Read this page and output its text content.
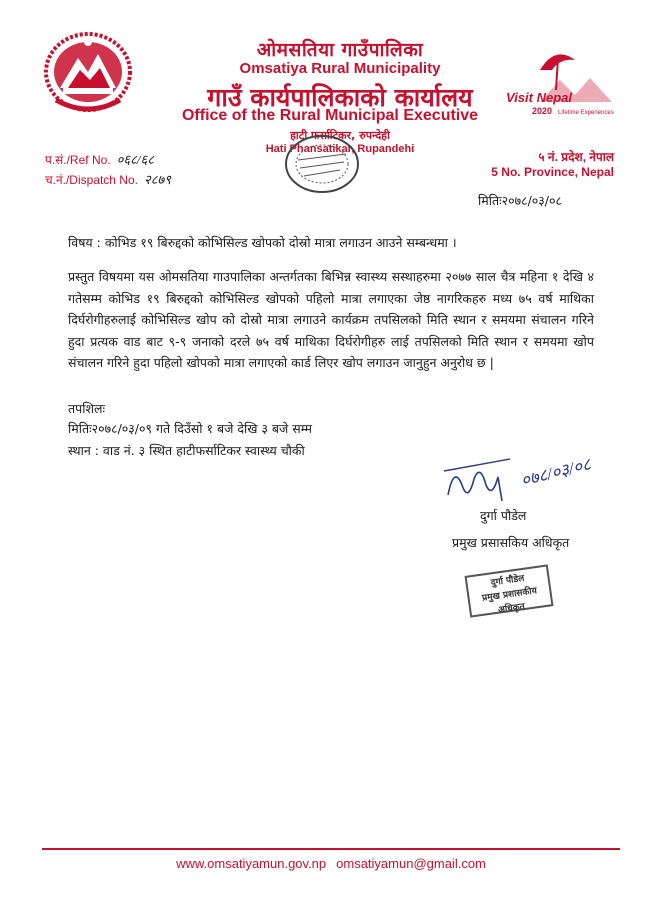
ओमसतिया गाउँपालिका
Omsatiya Rural Municipality
गाउँ कार्यपालिकाको कार्यालय
Office of the Rural Municipal Executive
हाटी फर्साटिकर, रुपन्देही
Hati Phansatikar, Rupandehi
Visit Nepal
2020 Lifetime Experiences
प.सं./Ref No. ०६८/६८
च.नं./Dispatch No. २८७९
५ नं. प्रदेश, नेपाल
5 No. Province, Nepal
मितिः२०७८/०३/०८
विषय : कोभिड १९ बिरुद्दको कोभिसिल्ड खोपको दोस्रो मात्रा लगाउन आउने सम्बन्धमा ।
प्रस्तुत विषयमा यस ओमसतिया गाउपालिका अन्तर्गतका बिभिन्न स्वास्थ्य सस्थाहरुमा २०७७ साल चैत्र महिना १ देखि ४ गतेसम्म कोभिड १९ बिरुद्दको कोभिसिल्ड खोपको पहिलो मात्रा लगाएका जेष्ठ नागरिकहरु मध्य ७५ वर्ष माथिका दिर्घरोगीहरुलाई कोभिसिल्ड खोप को दोस्रो मात्रा लगाउने कार्यक्रम तपसिलको मिति स्थान र समयमा संचालन गरिने हुदा प्रत्यक वाड बाट ९-९ जनाको दरले ७५ वर्ष माथिका दिर्घरोगीहरु लाई तपसिलको मिति स्थान र समयमा खोप संचालन गरिने हुदा पहिलो खोपको मात्रा लगाएको कार्ड लिएर खोप लगाउन जानुहुन अनुरोध छ |
तपशिलः
मितिः२०७८/०३/०९ गते दिउँसो १ बजे देखि ३ बजे सम्म
स्थान : वाड नं. ३ स्थित हाटीफर्साटिकर स्वास्थ्य चौकी
०७८/०३/०८
दुर्गा पौडेल
प्रमुख प्रसासकिय अधिकृत
दुर्गा पौडेल
प्रमुख प्रशासकीय अधिकृत
www.omsatiyamun.gov.np omsatiyamun@gmail.com
